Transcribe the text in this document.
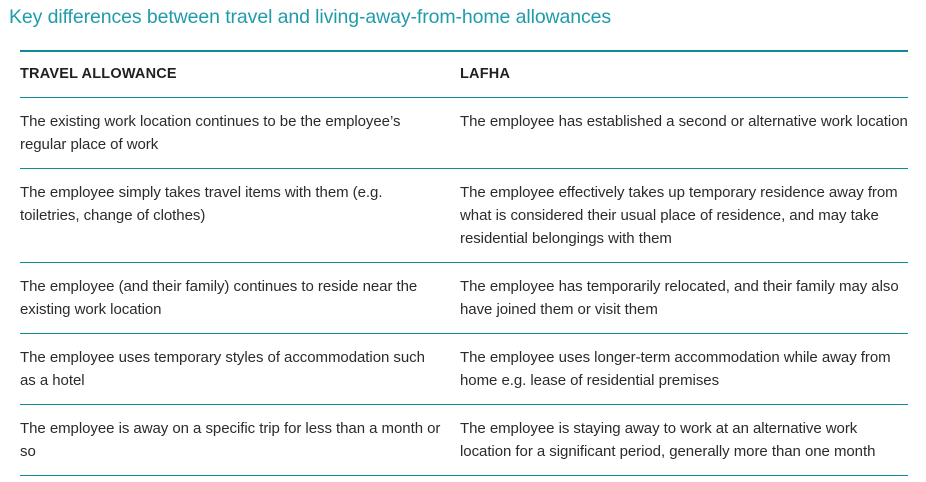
Key differences between travel and living-away-from-home allowances
TRAVEL ALLOWANCE	LAFHA

The existing work location continues to be the employee’s regular place of work

The employee has established a second or alternative work location

The employee simply takes travel items with them (e.g. toiletries, change of clothes)

The employee effectively takes up temporary residence away from what is considered their usual place of residence, and may take residential belongings with them

The employee (and their family) continues to reside near the existing work location

The employee has temporarily relocated, and their family may also have joined them or visit them

The employee uses temporary styles of accommodation such as a hotel

The employee uses longer-term accommodation while away from home e.g. lease of residential premises

The employee is away on a specific trip for less than a month or so

The employee is staying away to work at an alternative work location for a significant period, generally more than one month
